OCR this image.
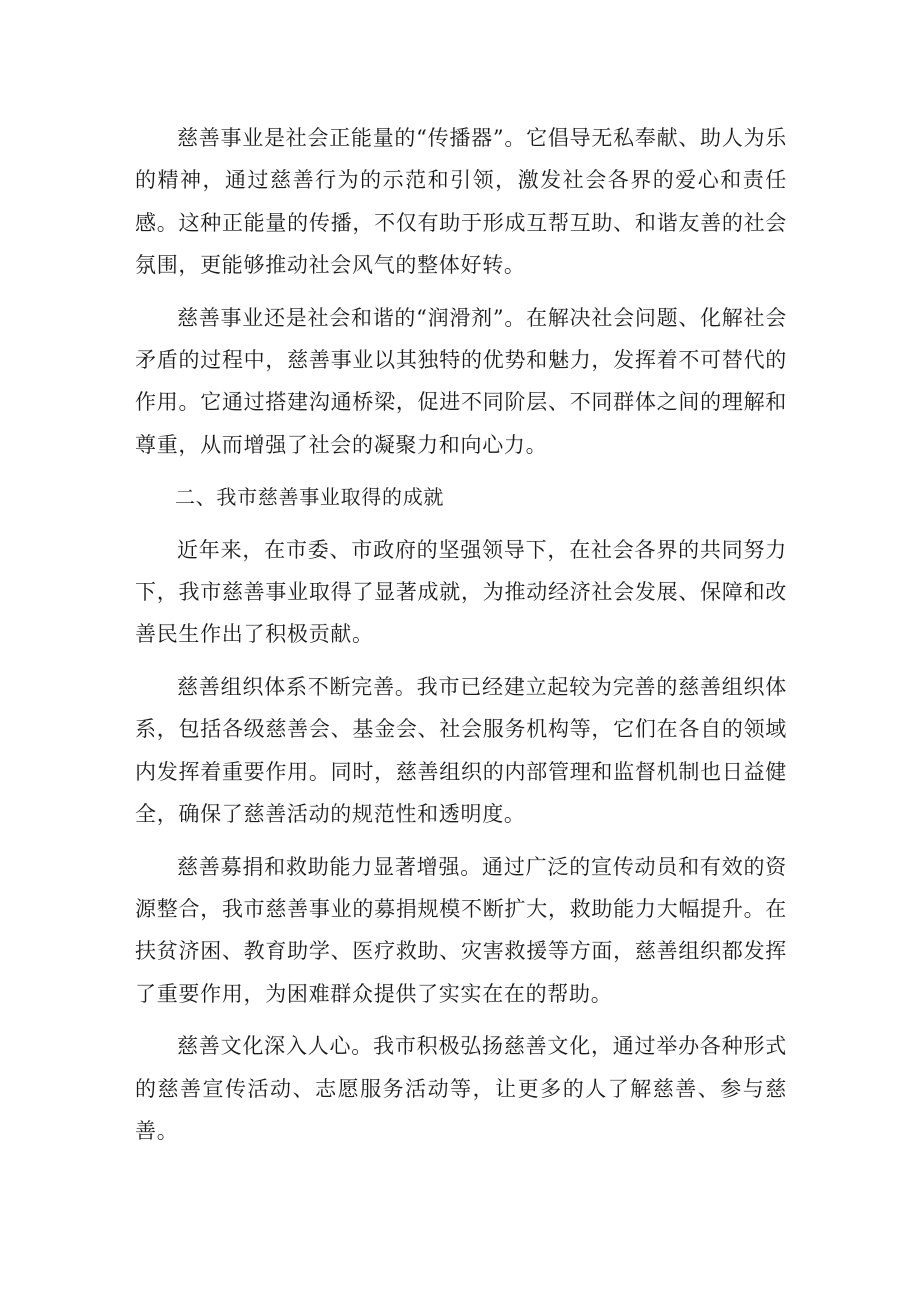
慈善事业是社会正能量的“传播器”。它倡导无私奉献、助人为乐的精神，通过慈善行为的示范和引领，激发社会各界的爱心和责任感。这种正能量的传播，不仅有助于形成互帮互助、和谐友善的社会氛围，更能够推动社会风气的整体好转。

慈善事业还是社会和谐的“润滑剂”。在解决社会问题、化解社会矛盾的过程中，慈善事业以其独特的优势和魅力，发挥着不可替代的作用。它通过搭建沟通桥梁，促进不同阶层、不同群体之间的理解和尊重，从而增强了社会的凝聚力和向心力。

二、我市慈善事业取得的成就

近年来，在市委、市政府的坚强领导下，在社会各界的共同努力下，我市慈善事业取得了显著成就，为推动经济社会发展、保障和改善民生作出了积极贡献。

慈善组织体系不断完善。我市已经建立起较为完善的慈善组织体系，包括各级慈善会、基金会、社会服务机构等，它们在各自的领域内发挥着重要作用。同时，慈善组织的内部管理和监督机制也日益健全，确保了慈善活动的规范性和透明度。

慈善募捐和救助能力显著增强。通过广泛的宣传动员和有效的资源整合，我市慈善事业的募捐规模不断扩大，救助能力大幅提升。在扶贫济困、教育助学、医疗救助、灾害救援等方面，慈善组织都发挥了重要作用，为困难群众提供了实实在在的帮助。

慈善文化深入人心。我市积极弘扬慈善文化，通过举办各种形式的慈善宣传活动、志愿服务活动等，让更多的人了解慈善、参与慈善。
